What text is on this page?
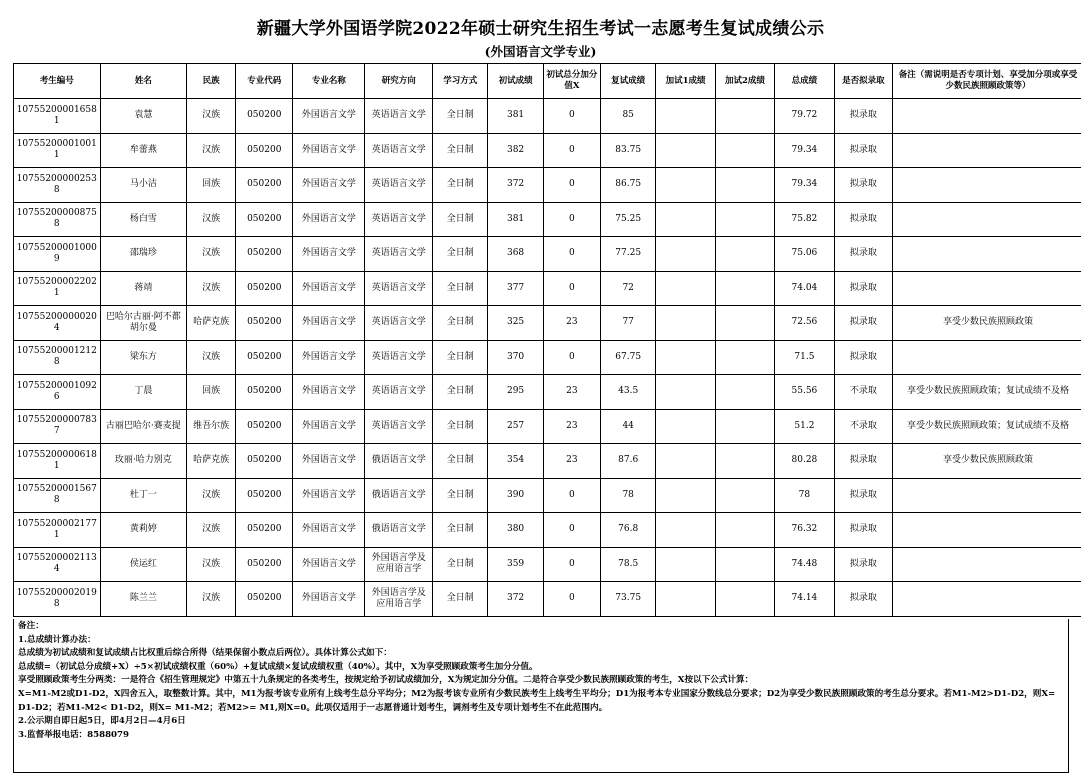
新疆大学外国语学院2022年硕士研究生招生考试一志愿考生复试成绩公示
(外国语言文学专业)
考生编号	姓名	民族	专业代码	专业名称	研究方向	学习方式	初试成绩	初试总分加分值X	复试成绩	加试1成绩	加试2成绩	总成绩	是否拟录取	备注（需说明是否专项计划、享受加分项或享受少数民族照顾政策等）
10755200001658 1	袁慧	汉族	050200	外国语言文学	英语语言文学	全日制	381	0	85			79.72	拟录取	
10755200001001 1	牟蕾燕	汉族	050200	外国语言文学	英语语言文学	全日制	382	0	83.75			79.34	拟录取	
10755200000253 8	马小洁	回族	050200	外国语言文学	英语语言文学	全日制	372	0	86.75			79.34	拟录取	
10755200000875 8	杨白雪	汉族	050200	外国语言文学	英语语言文学	全日制	381	0	75.25			75.82	拟录取	
10755200001000 9	邵瑞珍	汉族	050200	外国语言文学	英语语言文学	全日制	368	0	77.25			75.06	拟录取	
10755200002202 1	蒋靖	汉族	050200	外国语言文学	英语语言文学	全日制	377	0	72			74.04	拟录取	
10755200000020 4	巴哈尔古丽·阿不都胡尔曼	哈萨克族	050200	外国语言文学	英语语言文学	全日制	325	23	77			72.56	拟录取	享受少数民族照顾政策
10755200001212 8	梁东方	汉族	050200	外国语言文学	英语语言文学	全日制	370	0	67.75			71.5	拟录取	
10755200001092 6	丁晨	回族	050200	外国语言文学	英语语言文学	全日制	295	23	43.5			55.56	不录取	享受少数民族照顾政策；复试成绩不及格
10755200000783 7	古丽巴哈尔·赛麦提	维吾尔族	050200	外国语言文学	英语语言文学	全日制	257	23	44			51.2	不录取	享受少数民族照顾政策；复试成绩不及格
10755200000618 1	玫丽·哈力别克	哈萨克族	050200	外国语言文学	俄语语言文学	全日制	354	23	87.6			80.28	拟录取	享受少数民族照顾政策
10755200001567 8	杜丁一	汉族	050200	外国语言文学	俄语语言文学	全日制	390	0	78			78	拟录取	
10755200002177 1	黄莉婷	汉族	050200	外国语言文学	俄语语言文学	全日制	380	0	76.8			76.32	拟录取	
10755200002113 4	侯运红	汉族	050200	外国语言文学	外国语言学及应用语言学	全日制	359	0	78.5			74.48	拟录取	
10755200002019 8	陈兰兰	汉族	050200	外国语言文学	外国语言学及应用语言学	全日制	372	0	73.75			74.14	拟录取	
备注：
1.总成绩计算办法：
总成绩为初试成绩和复试成绩占比权重后综合所得（结果保留小数点后两位）。具体计算公式如下：
总成绩=（初试总分成绩+X）÷5×初试成绩权重（60%）+复试成绩×复试成绩权重（40%）。其中，X为享受照顾政策考生加分分值。
享受照顾政策考生分两类：一是符合《招生管理规定》中第五十九条规定的各类考生，按规定给予初试成绩加分，X为规定加分分值。二是符合享受少数民族照顾政策的考生，X按以下公式计算：
X=M1-M2或D1-D2，X四舍五入，取整数计算。其中，M1为报考该专业所有上线考生总分平均分；M2为报考该专业所有少数民族考生上线考生平均分；D1为报考本专业国家分数线总分要求；D2为享受少数民族照顾政策的考生总分要求。若M1-M2>D1-D2，则X= D1-D2；若M1-M2< D1-D2，则X= M1-M2；若M2>= M1,则X=0。此项仅适用于一志愿普通计划考生，调剂考生及专项计划考生不在此范围内。
2.公示期自即日起5日，即4月2日—4月6日
3.监督举报电话：8588079
